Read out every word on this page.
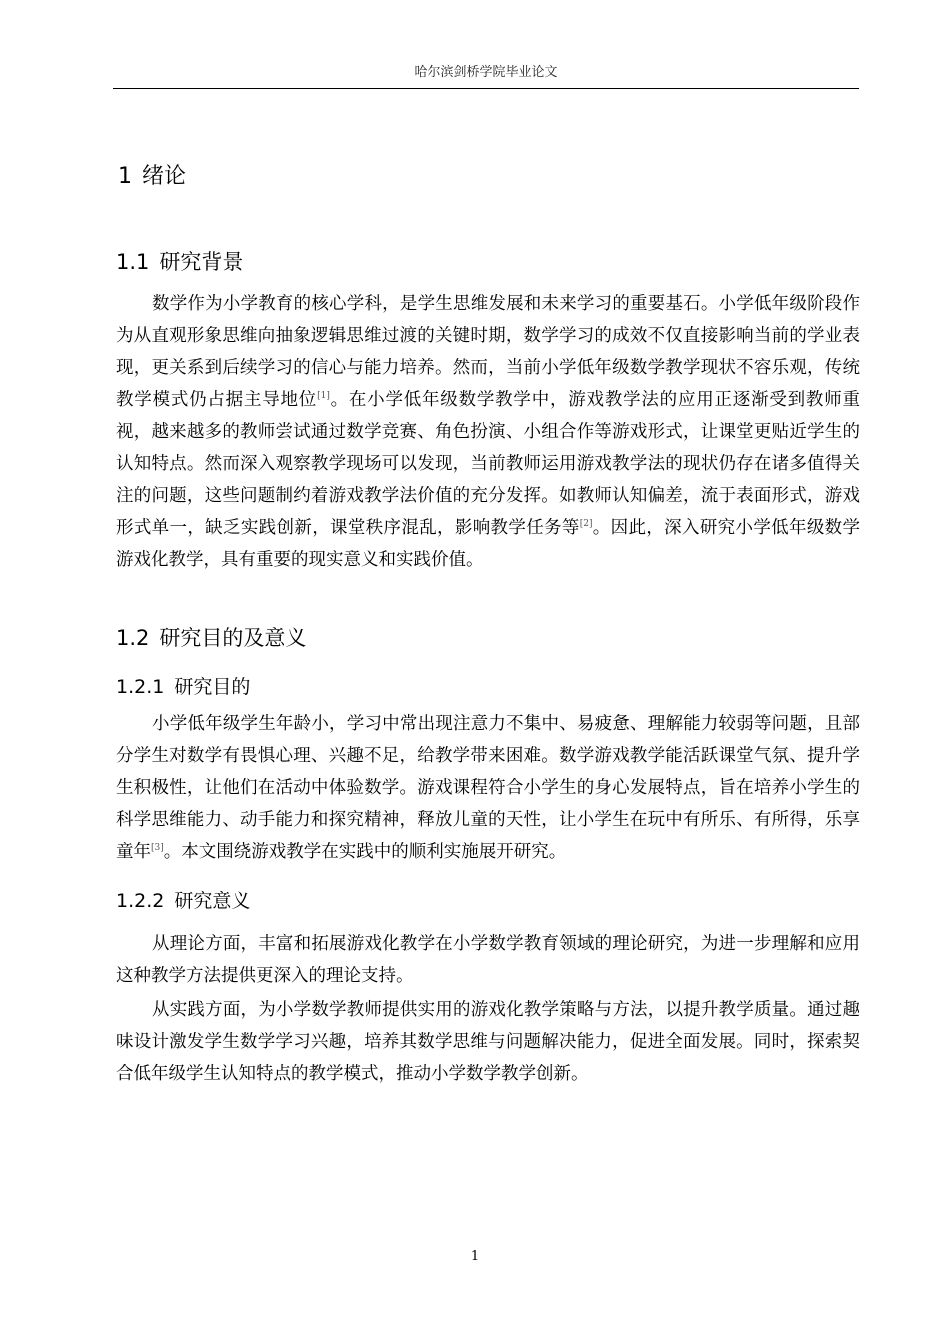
哈尔滨剑桥学院毕业论文
1 绪论
1.1 研究背景

数学作为小学教育的核心学科，是学生思维发展和未来学习的重要基石。小学低年级阶段作为从直观形象思维向抽象逻辑思维过渡的关键时期，数学学习的成效不仅直接影响当前的学业表现，更关系到后续学习的信心与能力培养。然而，当前小学低年级数学教学现状不容乐观，传统教学模式仍占据主导地位[1]。在小学低年级数学教学中，游戏教学法的应用正逐渐受到教师重视，越来越多的教师尝试通过数学竞赛、角色扮演、小组合作等游戏形式，让课堂更贴近学生的认知特点。然而深入观察教学现场可以发现，当前教师运用游戏教学法的现状仍存在诸多值得关注的问题，这些问题制约着游戏教学法价值的充分发挥。如教师认知偏差，流于表面形式，游戏形式单一，缺乏实践创新，课堂秩序混乱，影响教学任务等[2]。因此，深入研究小学低年级数学游戏化教学，具有重要的现实意义和实践价值。

1.2 研究目的及意义
1.2.1 研究目的

小学低年级学生年龄小，学习中常出现注意力不集中、易疲惫、理解能力较弱等问题，且部分学生对数学有畏惧心理、兴趣不足，给教学带来困难。数学游戏教学能活跃课堂气氛、提升学生积极性，让他们在活动中体验数学。游戏课程符合小学生的身心发展特点，旨在培养小学生的科学思维能力、动手能力和探究精神，释放儿童的天性，让小学生在玩中有所乐、有所得，乐享童年[3]。本文围绕游戏教学在实践中的顺利实施展开研究。

1.2.2 研究意义

从理论方面，丰富和拓展游戏化教学在小学数学教育领域的理论研究，为进一步理解和应用这种教学方法提供更深入的理论支持。

从实践方面，为小学数学教师提供实用的游戏化教学策略与方法，以提升教学质量。通过趣味设计激发学生数学学习兴趣，培养其数学思维与问题解决能力，促进全面发展。同时，探索契合低年级学生认知特点的教学模式，推动小学数学教学创新。

1
